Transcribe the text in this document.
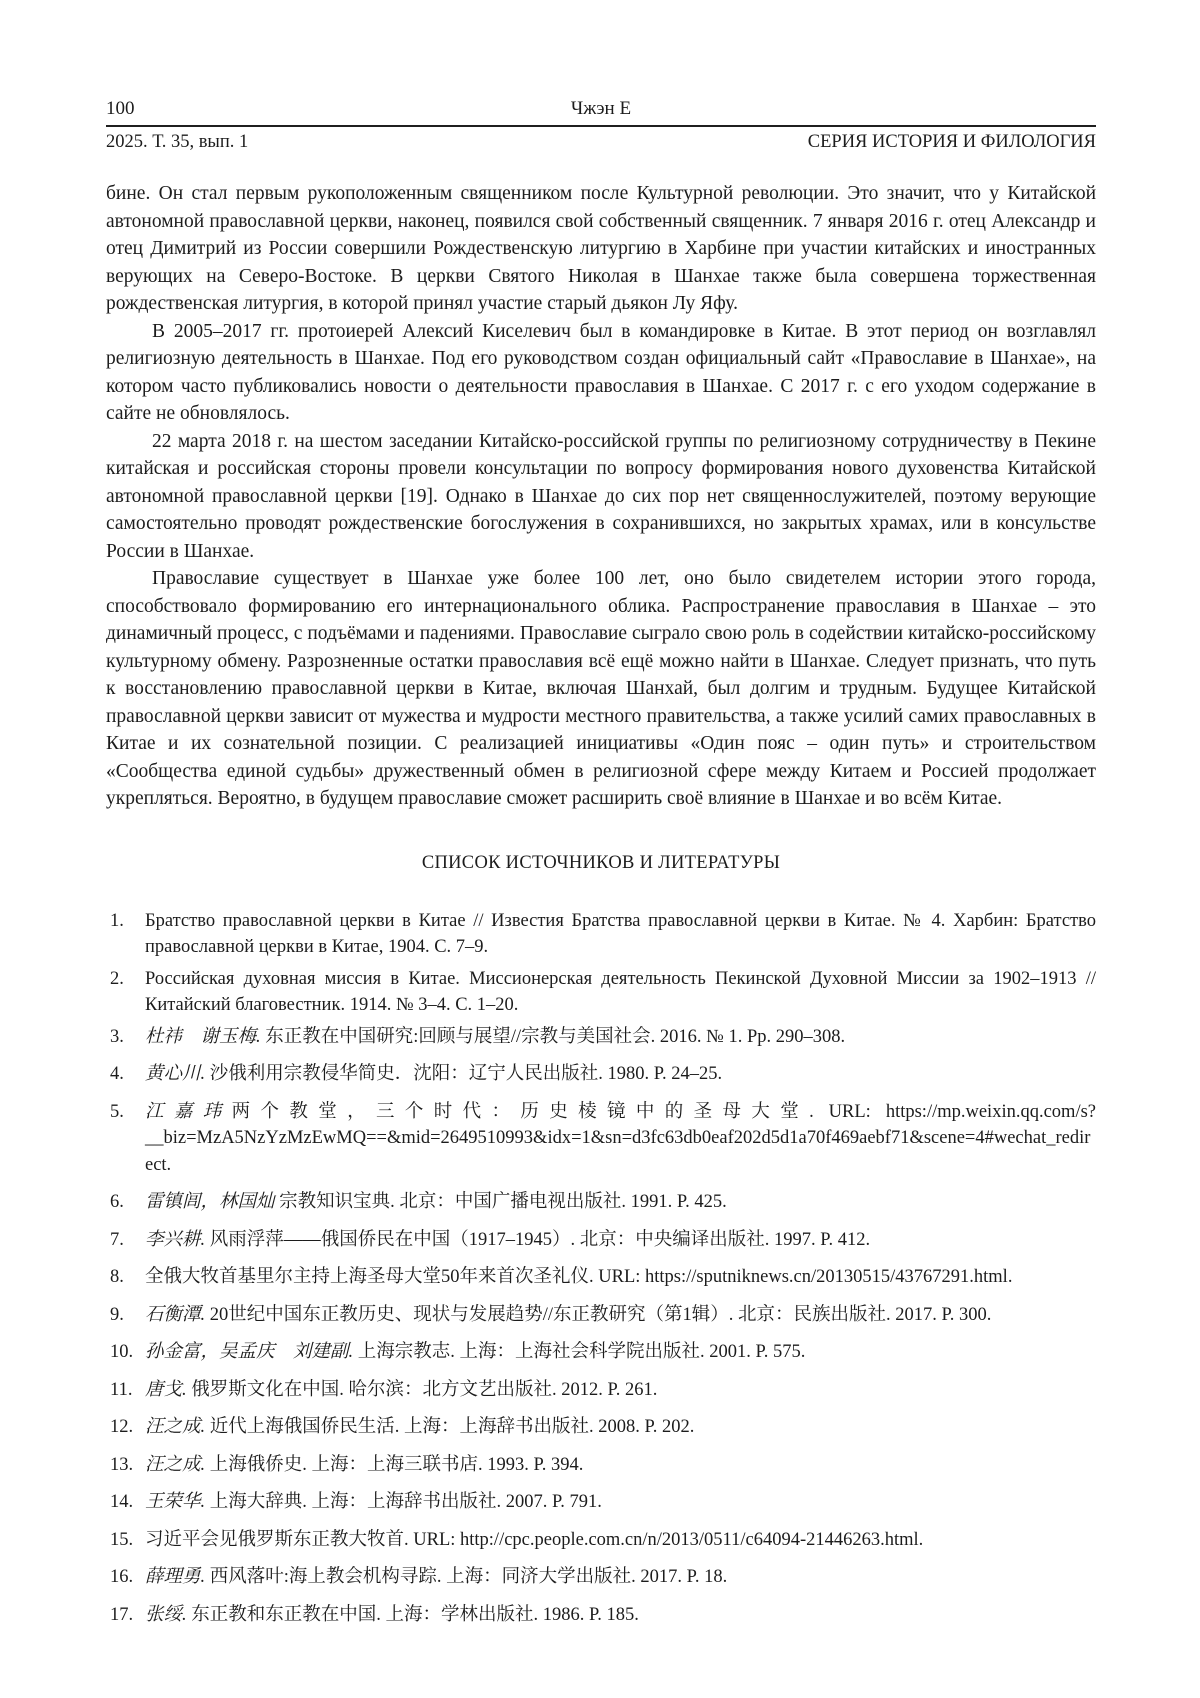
100	Чжэн Е
2025. Т. 35, вып. 1	СЕРИЯ ИСТОРИЯ И ФИЛОЛОГИЯ

бине. Он стал первым рукоположенным священником после Культурной революции. Это значит, что у Китайской автономной православной церкви, наконец, появился свой собственный священник. 7 января 2016 г. отец Александр и отец Димитрий из России совершили Рождественскую литургию в Харбине при участии китайских и иностранных верующих на Северо-Востоке. В церкви Святого Николая в Шанхае также была совершена торжественная рождественская литургия, в которой принял участие старый дьякон Лу Яфу.

В 2005–2017 гг. протоиерей Алексий Киселевич был в командировке в Китае. В этот период он возглавлял религиозную деятельность в Шанхае. Под его руководством создан официальный сайт «Православие в Шанхае», на котором часто публиковались новости о деятельности православия в Шанхае. С 2017 г. с его уходом содержание в сайте не обновлялось.

22 марта 2018 г. на шестом заседании Китайско-российской группы по религиозному сотрудничеству в Пекине китайская и российская стороны провели консультации по вопросу формирования нового духовенства Китайской автономной православной церкви [19]. Однако в Шанхае до сих пор нет священнослужителей, поэтому верующие самостоятельно проводят рождественские богослужения в сохранившихся, но закрытых храмах, или в консульстве России в Шанхае.

Православие существует в Шанхае уже более 100 лет, оно было свидетелем истории этого города, способствовало формированию его интернационального облика. Распространение православия в Шанхае – это динамичный процесс, с подъёмами и падениями. Православие сыграло свою роль в содействии китайско-российскому культурному обмену. Разрозненные остатки православия всё ещё можно найти в Шанхае. Следует признать, что путь к восстановлению православной церкви в Китае, включая Шанхай, был долгим и трудным. Будущее Китайской православной церкви зависит от мужества и мудрости местного правительства, а также усилий самих православных в Китае и их сознательной позиции. С реализацией инициативы «Один пояс – один путь» и строительством «Сообщества единой судьбы» дружественный обмен в религиозной сфере между Китаем и Россией продолжает укрепляться. Вероятно, в будущем православие сможет расширить своё влияние в Шанхае и во всём Китае.

СПИСОК ИСТОЧНИКОВ И ЛИТЕРАТУРЫ
1. Братство православной церкви в Китае // Известия Братства православной церкви в Китае. № 4. Харбин: Братство православной церкви в Китае, 1904. С. 7–9.
2. Российская духовная миссия в Китае. Миссионерская деятельность Пекинской Духовной Миссии за 1902–1913 // Китайский благовестник. 1914. № 3–4. С. 1–20.
3. 杜祎　谢玉梅. 东正教在中国研究:回顾与展望//宗教与美国社会. 2016. № 1. Pp. 290–308.
4. 黄心川. 沙俄利用宗教侵华简史．沈阳：辽宁人民出版社. 1980. P. 24–25.
5. 江嘉玮两个教堂，三个时代：历史棱镜中的圣母大堂. URL: https://mp.weixin.qq.com/s?__biz=MzA5NzYzMzEwMQ==&mid=2649510993&idx=1&sn=d3fc63db0eaf202d5d1a70f469aebf71&scene=4#wechat_redirect.
6. 雷镇闾，林国灿 宗教知识宝典. 北京：中国广播电视出版社. 1991. P. 425.
7. 李兴耕. 风雨浮萍——俄国侨民在中国（1917–1945）. 北京：中央编译出版社. 1997. P. 412.
8. 全俄大牧首基里尔主持上海圣母大堂50年来首次圣礼仪. URL: https://sputniknews.cn/20130515/43767291.html.
9. 石衡潭. 20世纪中国东正教历史、现状与发展趋势//东正教研究（第1辑）. 北京：民族出版社. 2017. P. 300.
10. 孙金富，吴孟庆　刘建副. 上海宗教志. 上海：上海社会科学院出版社. 2001. P. 575.
11. 唐戈. 俄罗斯文化在中国. 哈尔滨：北方文艺出版社. 2012. P. 261.
12. 汪之成. 近代上海俄国侨民生活. 上海：上海辞书出版社. 2008. P. 202.
13. 汪之成. 上海俄侨史. 上海：上海三联书店. 1993. P. 394.
14. 王荣华. 上海大辞典. 上海：上海辞书出版社. 2007. P. 791.
15. 习近平会见俄罗斯东正教大牧首. URL: http://cpc.people.com.cn/n/2013/0511/c64094-21446263.html.
16. 薛理勇. 西风落叶:海上教会机构寻踪. 上海：同济大学出版社. 2017. P. 18.
17. 张绥. 东正教和东正教在中国. 上海：学林出版社. 1986. P. 185.
